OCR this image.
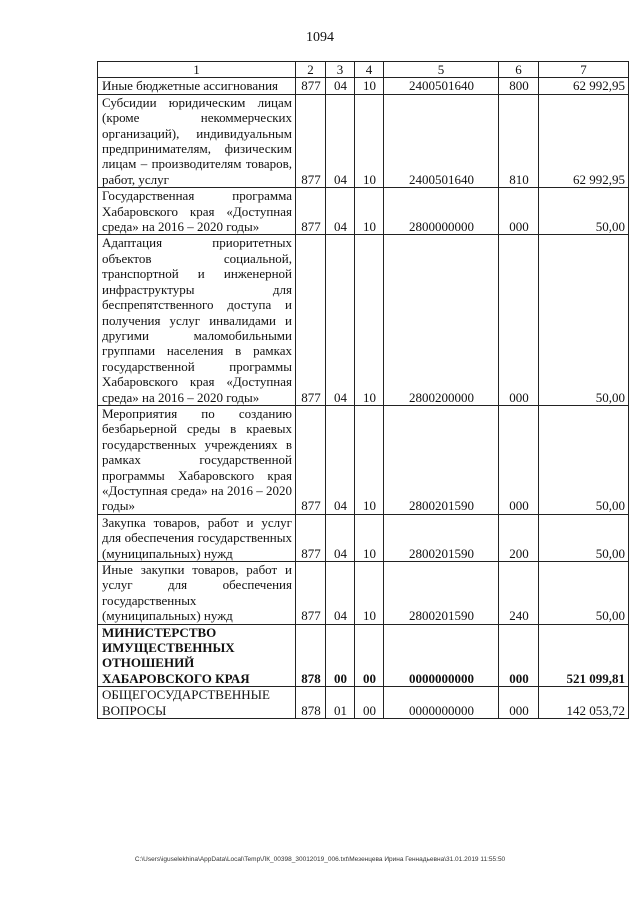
1094
1	2	3	4	5	6	7
Иные бюджетные ассигнования	877	04	10	2400501640	800	62 992,95
Субсидии юридическим лицам (кроме некоммерческих организаций), индивидуальным предпринимателям, физическим лицам – производителям товаров, работ, услуг	877	04	10	2400501640	810	62 992,95
Государственная программа Хабаровского края «Доступная среда» на 2016 – 2020 годы»	877	04	10	2800000000	000	50,00
Адаптация приоритетных объектов социальной, транспортной и инженерной инфраструктуры для беспрепятственного доступа и получения услуг инвалидами и другими маломобильными группами населения в рамках государственной программы Хабаровского края «Доступная среда» на 2016 – 2020 годы»	877	04	10	2800200000	000	50,00
Мероприятия по созданию безбарьерной среды в краевых государственных учреждениях в рамках государственной программы Хабаровского края «Доступная среда» на 2016 – 2020 годы»	877	04	10	2800201590	000	50,00
Закупка товаров, работ и услуг для обеспечения государственных (муниципальных) нужд	877	04	10	2800201590	200	50,00
Иные закупки товаров, работ и услуг для обеспечения государственных (муниципальных) нужд	877	04	10	2800201590	240	50,00
МИНИСТЕРСТВО ИМУЩЕСТВЕННЫХ ОТНОШЕНИЙ ХАБАРОВСКОГО КРАЯ	878	00	00	0000000000	000	521 099,81
ОБЩЕГОСУДАРСТВЕННЫЕ ВОПРОСЫ	878	01	00	0000000000	000	142 053,72
C:\Users\iguselekhina\AppData\Local\Temp\ЛК_00398_30012019_006.txt\Мезенцева Ирина Геннадьевна\31.01.2019 11:55:50
